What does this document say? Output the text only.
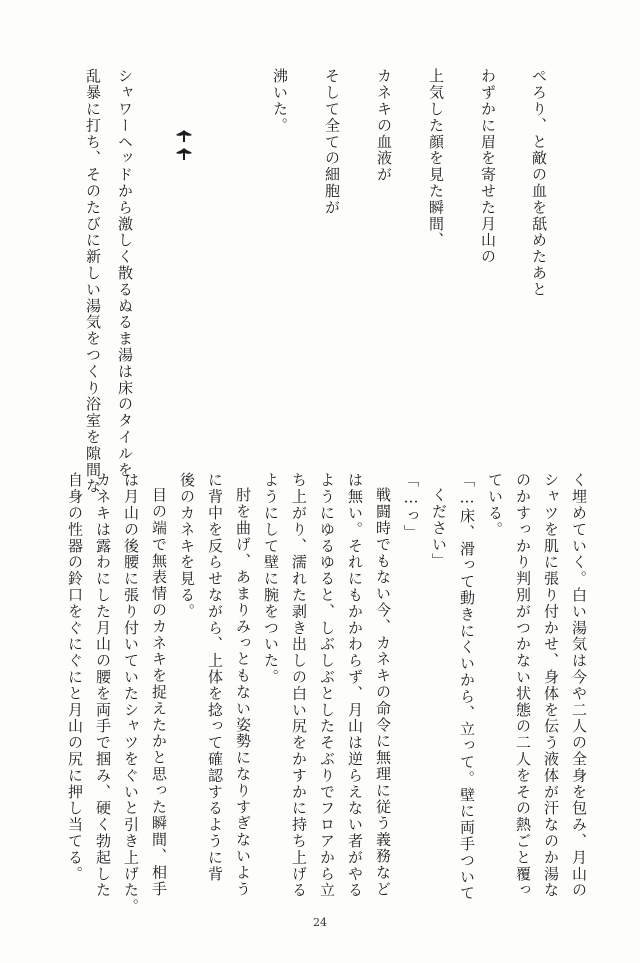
ぺろり、と敵の血を舐めたあと
わずかに眉を寄せた月山の
上気した顔を見た瞬間、
カネキの血液が
そして全ての細胞が
沸いた。
シャワーヘッドから激しく散るぬるま湯は床のタイルを
乱暴に打ち、そのたびに新しい湯気をつくり浴室を隙間な
く埋めていく。白い湯気は今や二人の全身を包み、月山の
シャツを肌に張り付かせ、身体を伝う液体が汗なのか湯な
のかすっかり判別がつかない状態の二人をその熱ごと覆っ
ている。
「…床、滑って動きにくいから、立って。壁に両手ついて
ください」
「…っ」
戦闘時でもない今、カネキの命令に無理に従う義務など
は無い。それにもかかわらず、月山は逆らえない者がやる
ようにゆるゆると、しぶしぶとしたそぶりでフロアから立
ち上がり、濡れた剥き出しの白い尻をかすかに持ち上げる
ようにして壁に腕をついた。
肘を曲げ、あまりみっともない姿勢になりすぎないよう
に背中を反らせながら、上体を捻って確認するように背
後のカネキを見る。
目の端で無表情のカネキを捉えたかと思った瞬間、相手
は月山の後腰に張り付いていたシャツをぐいと引き上げた。
カネキは露わにした月山の腰を両手で掴み、硬く勃起した
自身の性器の鈴口をぐにぐにと月山の尻に押し当てる。
24
